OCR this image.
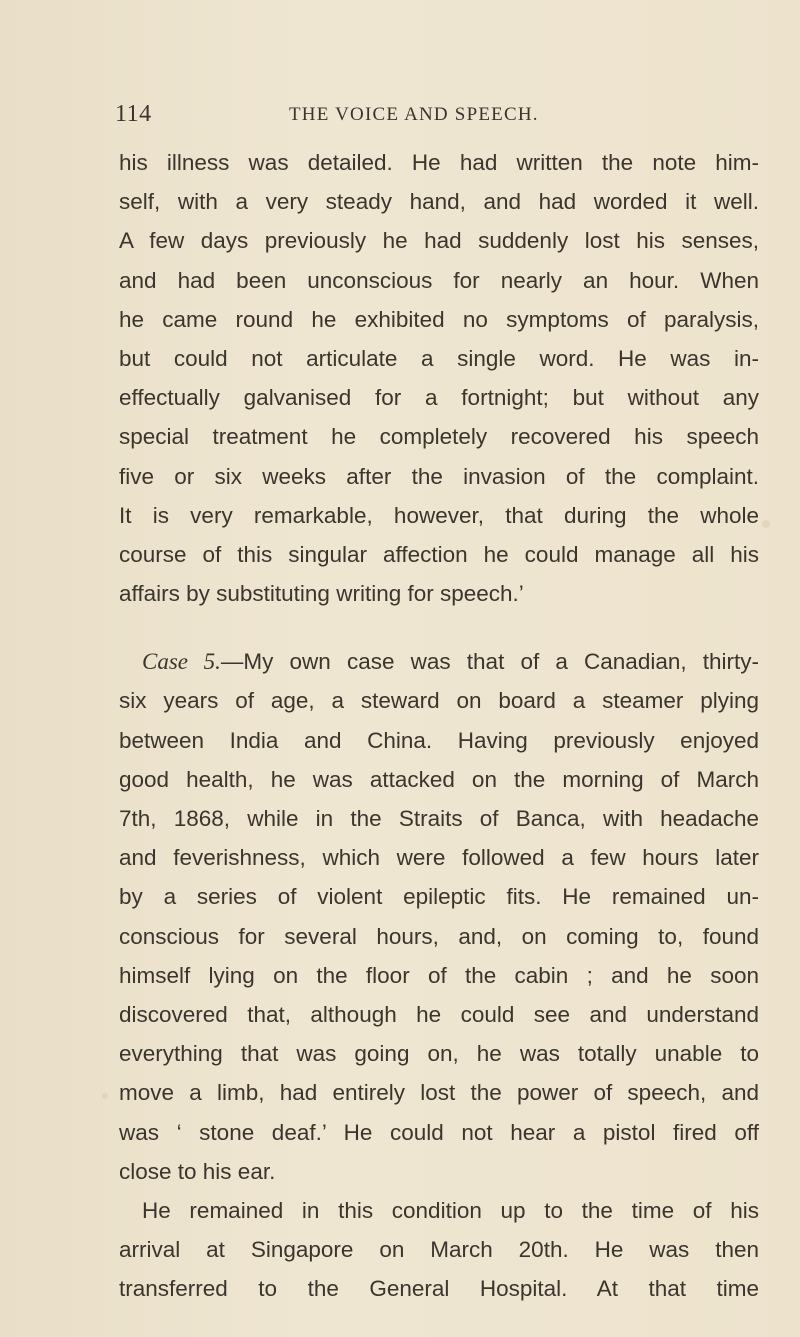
114	THE VOICE AND SPEECH.
his illness was detailed. He had written the note him-
self, with a very steady hand, and had worded it well.
A few days previously he had suddenly lost his senses,
and had been unconscious for nearly an hour. When
he came round he exhibited no symptoms of paralysis,
but could not articulate a single word. He was in-
effectually galvanised for a fortnight; but without any
special treatment he completely recovered his speech
five or six weeks after the invasion of the complaint.
It is very remarkable, however, that during the whole
course of this singular affection he could manage all his
affairs by substituting writing for speech.’
Case 5.—My own case was that of a Canadian, thirty-
six years of age, a steward on board a steamer plying
between India and China. Having previously enjoyed
good health, he was attacked on the morning of March
7th, 1868, while in the Straits of Banca, with headache
and feverishness, which were followed a few hours later
by a series of violent epileptic fits. He remained un-
conscious for several hours, and, on coming to, found
himself lying on the floor of the cabin ; and he soon
discovered that, although he could see and understand
everything that was going on, he was totally unable to
move a limb, had entirely lost the power of speech, and
was ‘ stone deaf.’ He could not hear a pistol fired off
close to his ear.
He remained in this condition up to the time of his
arrival at Singapore on March 20th. He was then
transferred to the General Hospital. At that time
